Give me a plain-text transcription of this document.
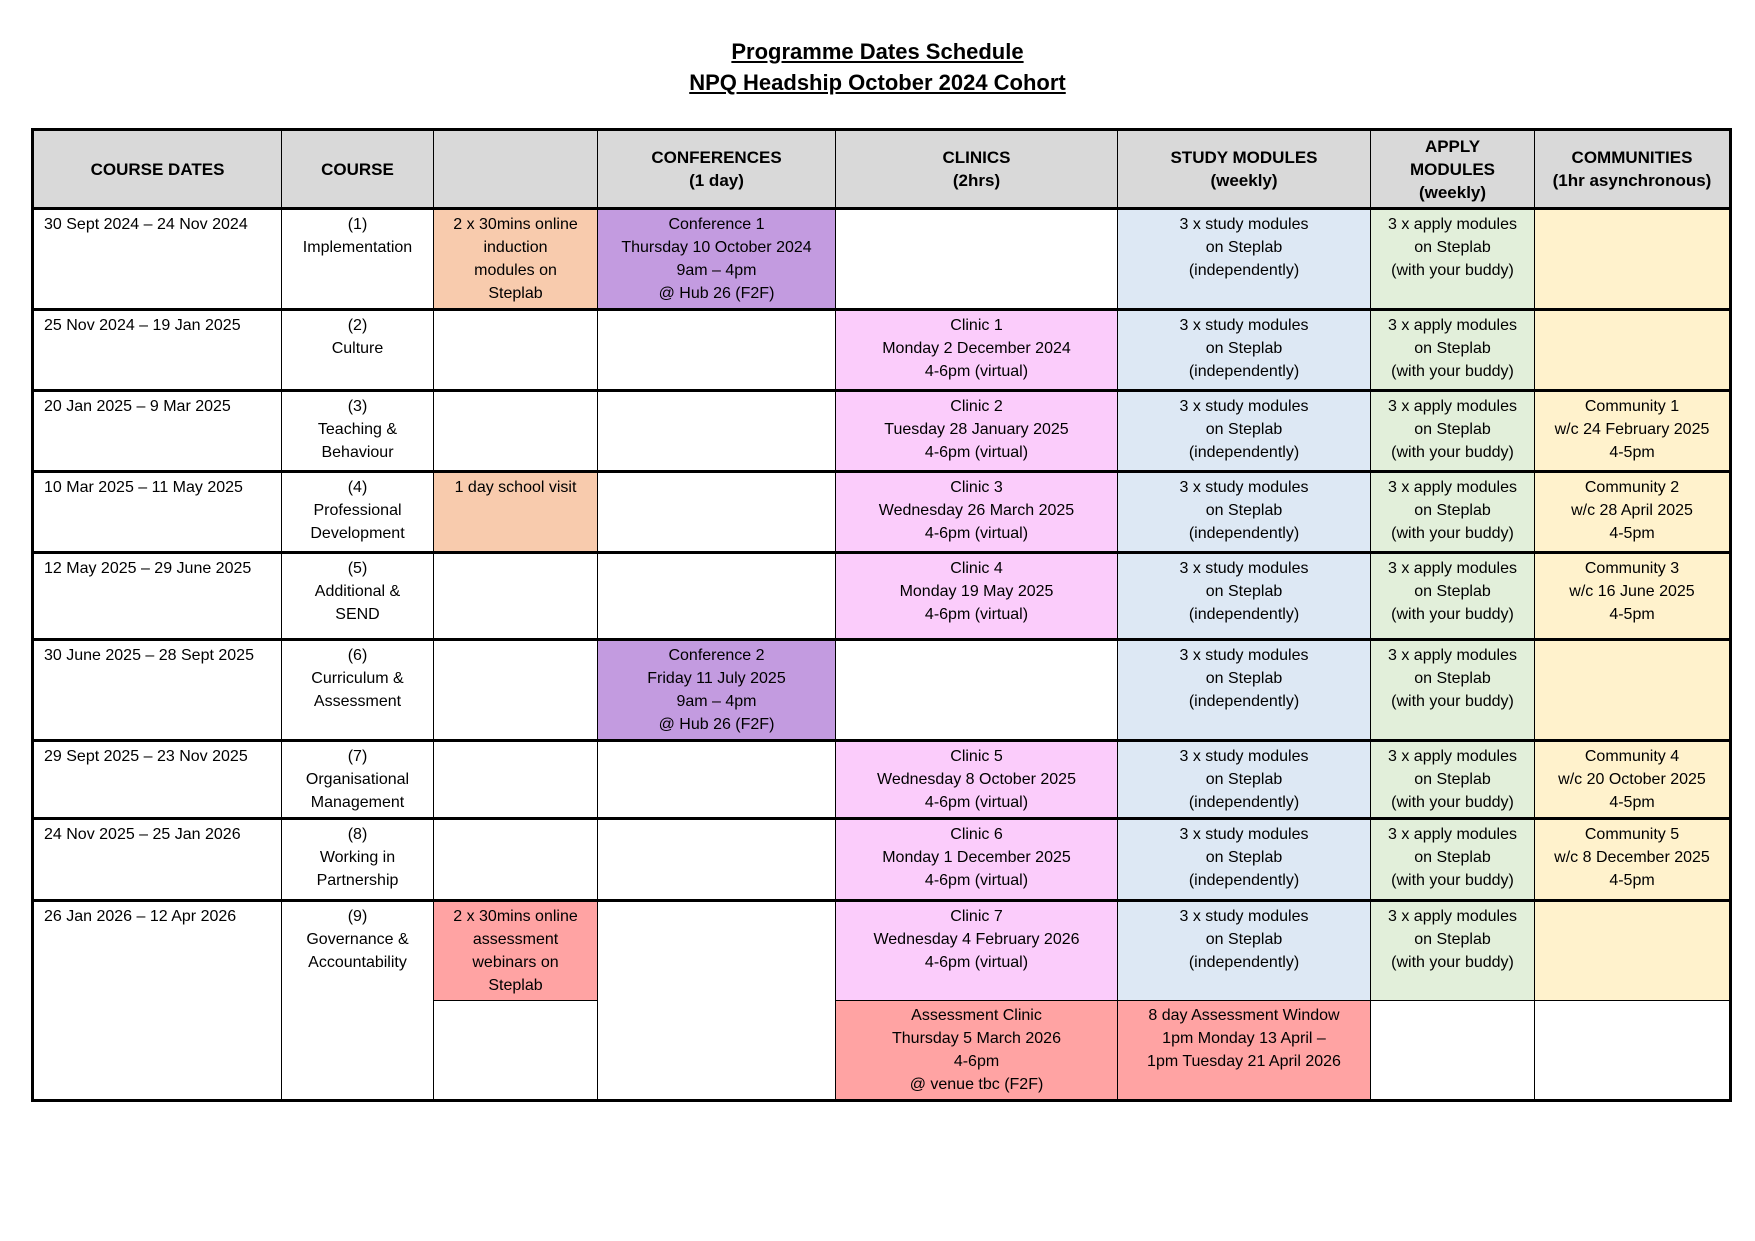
Programme Dates Schedule
NPQ Headship October 2024 Cohort
COURSE DATES	COURSE		CONFERENCES
(1 day)	CLINICS
(2hrs)	STUDY MODULES
(weekly)	APPLY
MODULES
(weekly)	COMMUNITIES
(1hr asynchronous)

30 Sept 2024 – 24 Nov 2024	(1)
Implementation	2 x 30mins online
induction
modules on
Steplab	Conference 1
Thursday 10 October 2024
9am – 4pm
@ Hub 26 (F2F)		3 x study modules
on Steplab
(independently)	3 x apply modules
on Steplab
(with your buddy)	

25 Nov 2024 – 19 Jan 2025	(2)
Culture			Clinic 1
Monday 2 December 2024
4-6pm (virtual)	3 x study modules
on Steplab
(independently)	3 x apply modules
on Steplab
(with your buddy)	

20 Jan 2025 – 9 Mar 2025	(3)
Teaching &
Behaviour			Clinic 2
Tuesday 28 January 2025
4-6pm (virtual)	3 x study modules
on Steplab
(independently)	3 x apply modules
on Steplab
(with your buddy)	Community 1
w/c 24 February 2025
4-5pm

10 Mar 2025 – 11 May 2025	(4)
Professional
Development	1 day school visit		Clinic 3
Wednesday 26 March 2025
4-6pm (virtual)	3 x study modules
on Steplab
(independently)	3 x apply modules
on Steplab
(with your buddy)	Community 2
w/c 28 April 2025
4-5pm

12 May 2025 – 29 June 2025	(5)
Additional &
SEND			Clinic 4
Monday 19 May 2025
4-6pm (virtual)	3 x study modules
on Steplab
(independently)	3 x apply modules
on Steplab
(with your buddy)	Community 3
w/c 16 June 2025
4-5pm

30 June 2025 – 28 Sept 2025	(6)
Curriculum &
Assessment		Conference 2
Friday 11 July 2025
9am – 4pm
@ Hub 26 (F2F)		3 x study modules
on Steplab
(independently)	3 x apply modules
on Steplab
(with your buddy)	

29 Sept 2025 – 23 Nov 2025	(7)
Organisational
Management			Clinic 5
Wednesday 8 October 2025
4-6pm (virtual)	3 x study modules
on Steplab
(independently)	3 x apply modules
on Steplab
(with your buddy)	Community 4
w/c 20 October 2025
4-5pm

24 Nov 2025 – 25 Jan 2026	(8)
Working in
Partnership			Clinic 6
Monday 1 December 2025
4-6pm (virtual)	3 x study modules
on Steplab
(independently)	3 x apply modules
on Steplab
(with your buddy)	Community 5
w/c 8 December 2025
4-5pm

26 Jan 2026 – 12 Apr 2026	(9)
Governance &
Accountability	2 x 30mins online
assessment
webinars on
Steplab		Clinic 7
Wednesday 4 February 2026
4-6pm (virtual)	3 x study modules
on Steplab
(independently)	3 x apply modules
on Steplab
(with your buddy)	

				Assessment Clinic
Thursday 5 March 2026
4-6pm
@ venue tbc (F2F)	8 day Assessment Window
1pm Monday 13 April –
1pm Tuesday 21 April 2026		
